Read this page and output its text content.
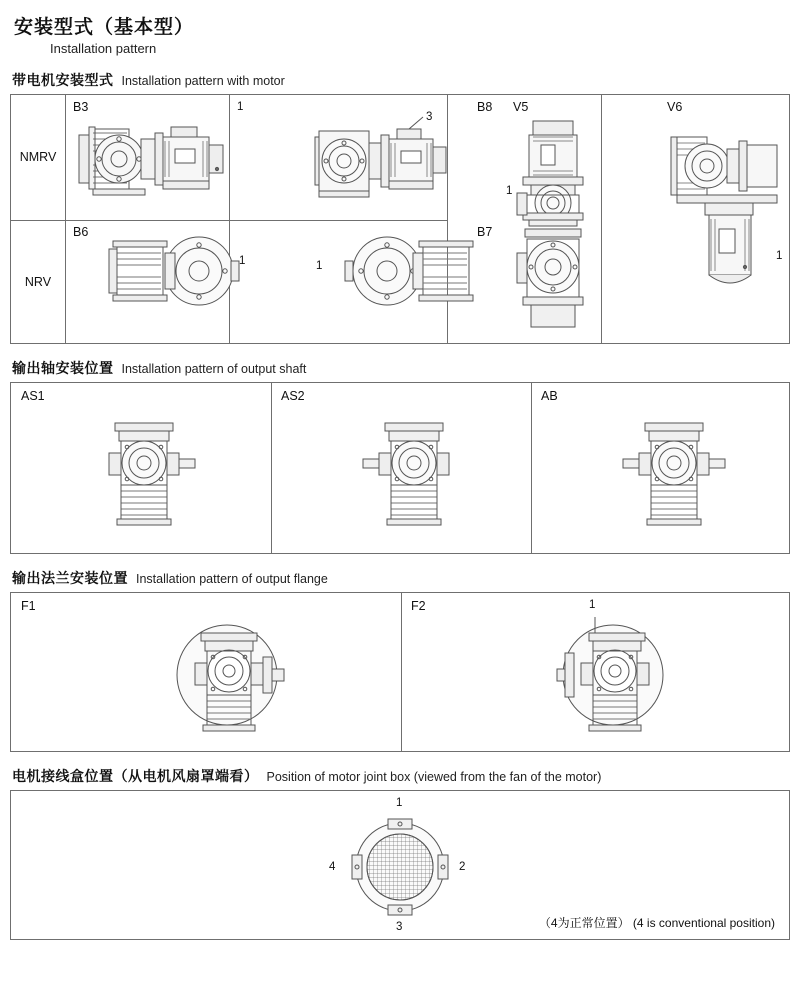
安装型式（基本型）
Installation pattern
带电机安装型式 Installation pattern with motor
NMRV
NRV
B3	B8 V5	V6
B6	B7
1
3
1
1
1	1
输出轴安装位置 Installation pattern of output shaft
AS1	AS2	AB
输出法兰安装位置 Installation pattern of output flange
F1	F2	1
电机接线盒位置（从电机风扇罩端看） Position of motor joint box (viewed from the fan of the motor)
1
2
3
4
（4为正常位置） (4 is conventional position)
